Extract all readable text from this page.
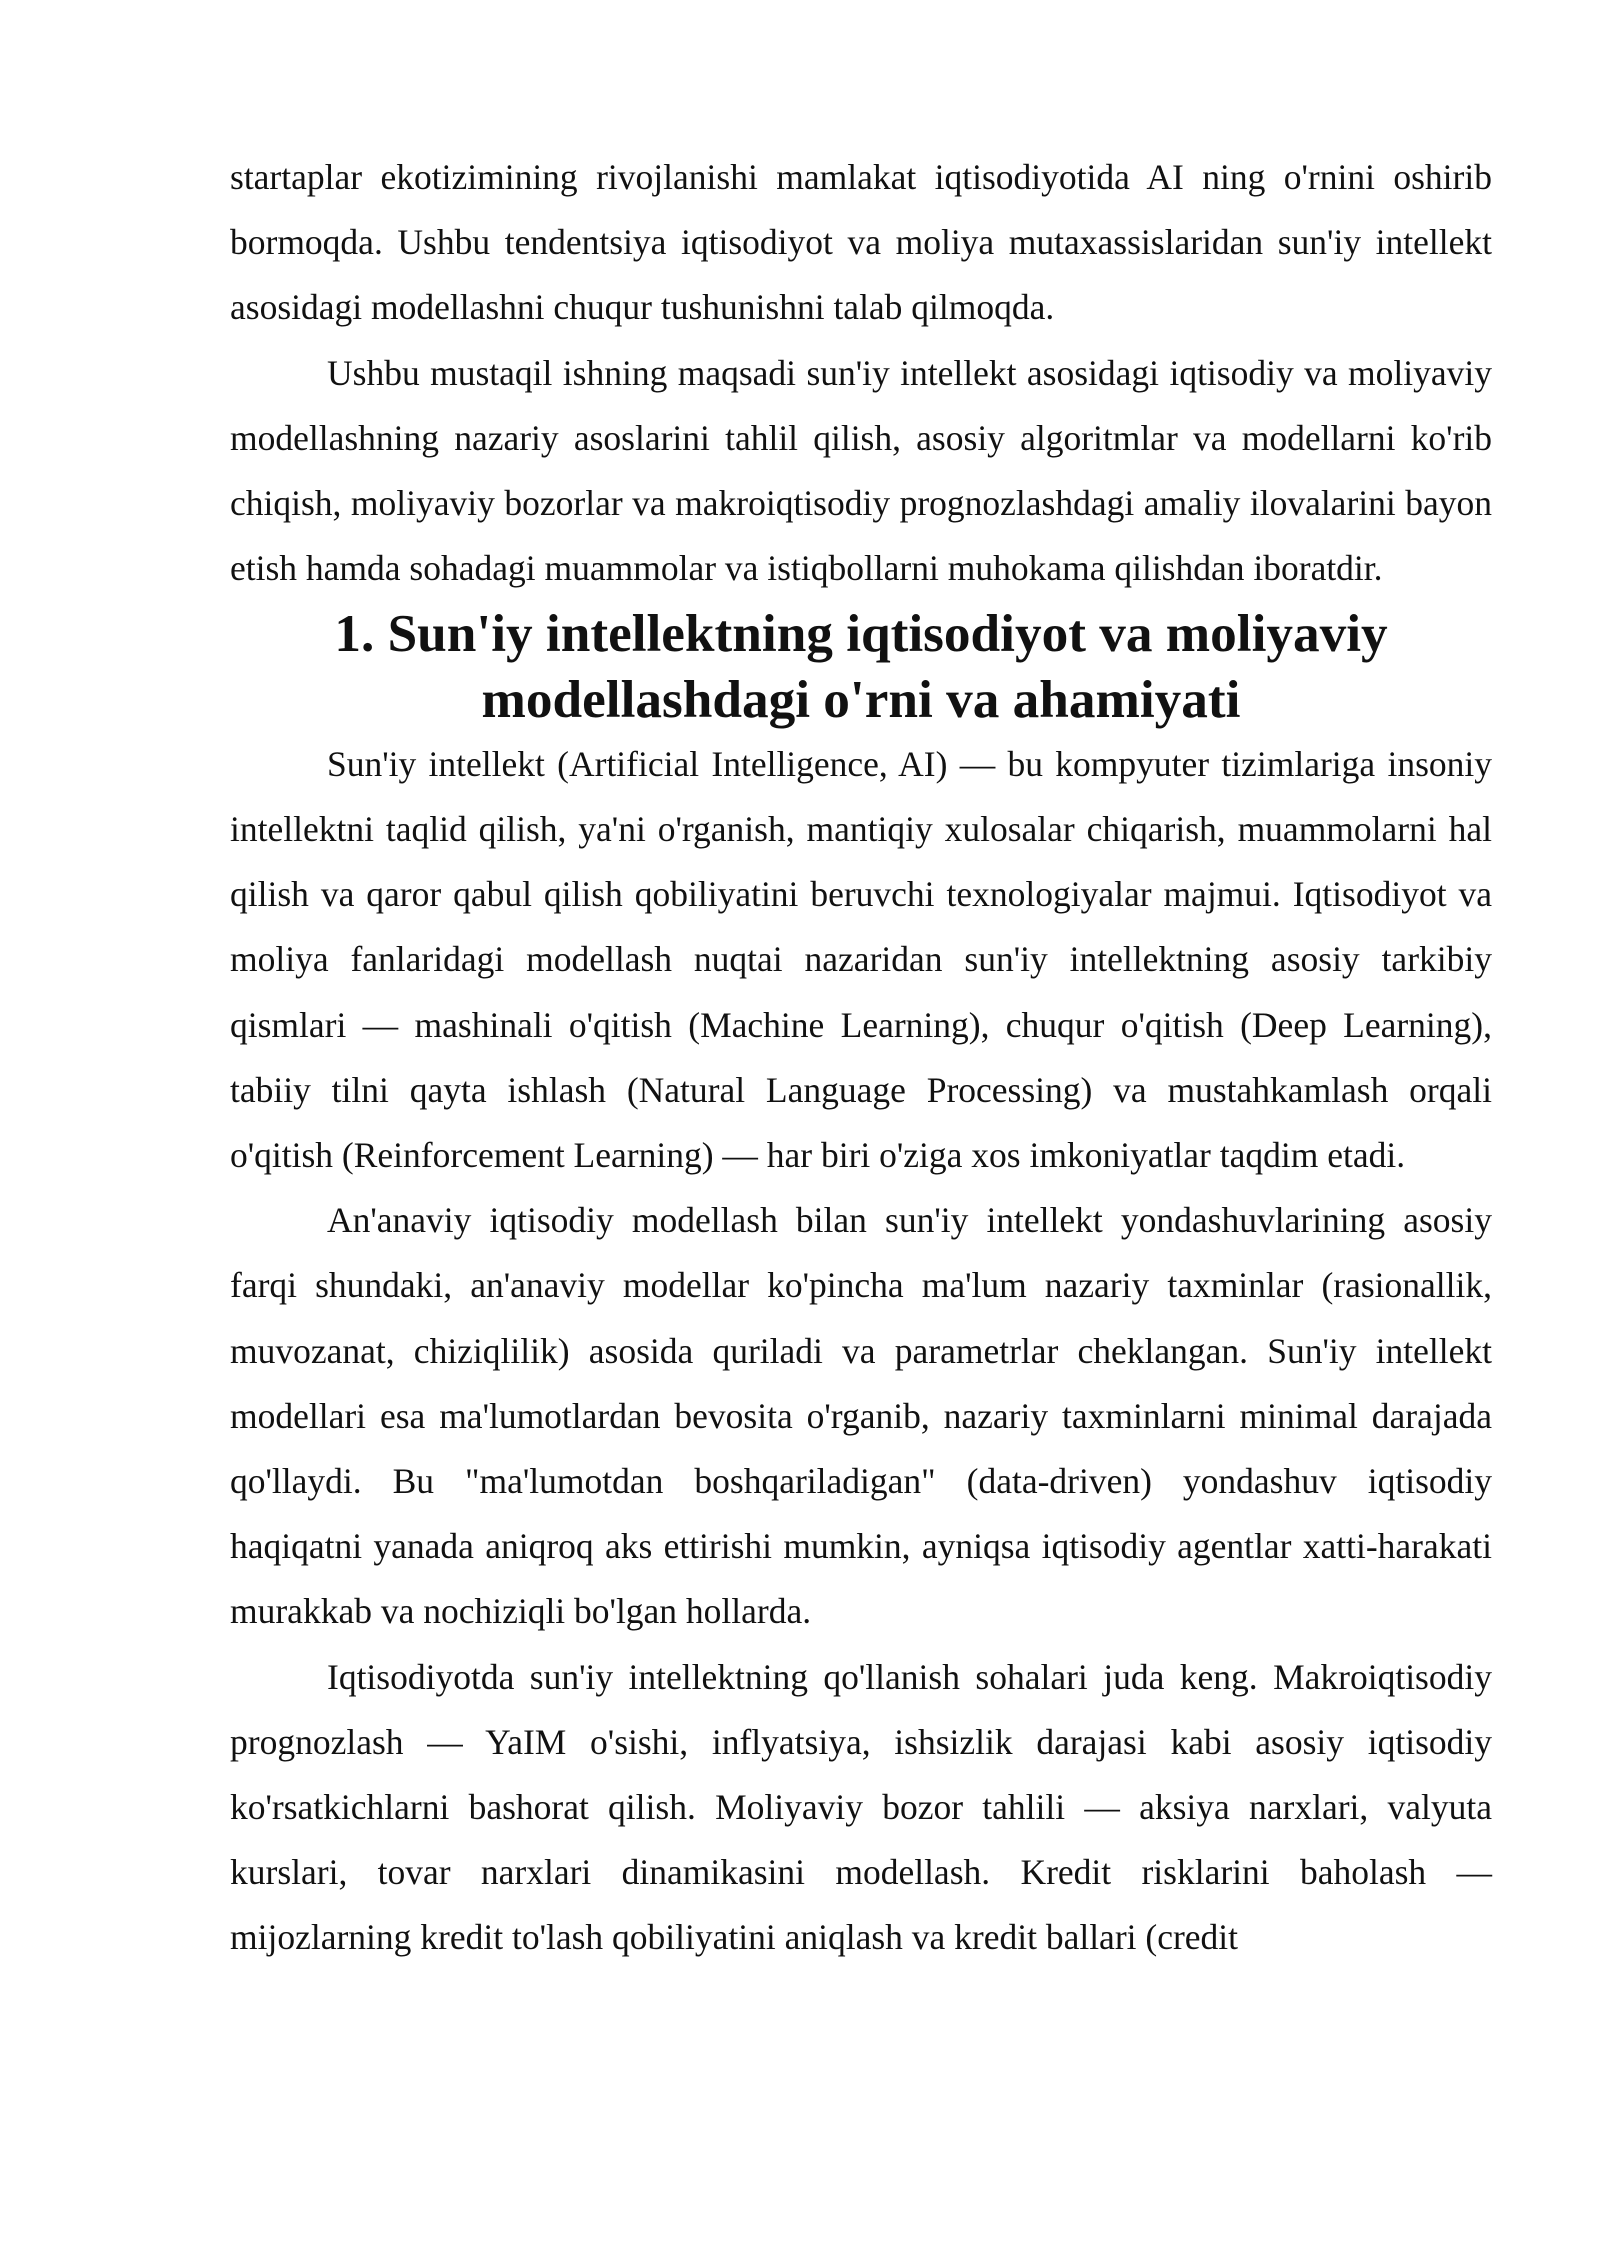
startaplar ekotizimining rivojlanishi mamlakat iqtisodiyotida AI ning o'rnini oshirib bormoqda. Ushbu tendentsiya iqtisodiyot va moliya mutaxassislaridan sun'iy intellekt asosidagi modellashni chuqur tushunishni talab qilmoqda.

Ushbu mustaqil ishning maqsadi sun'iy intellekt asosidagi iqtisodiy va moliyaviy modellashning nazariy asoslarini tahlil qilish, asosiy algoritmlar va modellarni ko'rib chiqish, moliyaviy bozorlar va makroiqtisodiy prognozlashdagi amaliy ilovalarini bayon etish hamda sohadagi muammolar va istiqbollarni muhokama qilishdan iboratdir.

1. Sun'iy intellektning iqtisodiyot va moliyaviy modellashdagi o'rni va ahamiyati

Sun'iy intellekt (Artificial Intelligence, AI) — bu kompyuter tizimlariga insoniy intellektni taqlid qilish, ya'ni o'rganish, mantiqiy xulosalar chiqarish, muammolarni hal qilish va qaror qabul qilish qobiliyatini beruvchi texnologiyalar majmui. Iqtisodiyot va moliya fanlaridagi modellash nuqtai nazaridan sun'iy intellektning asosiy tarkibiy qismlari — mashinali o'qitish (Machine Learning), chuqur o'qitish (Deep Learning), tabiiy tilni qayta ishlash (Natural Language Processing) va mustahkamlash orqali o'qitish (Reinforcement Learning) — har biri o'ziga xos imkoniyatlar taqdim etadi.

An'anaviy iqtisodiy modellash bilan sun'iy intellekt yondashuvlarining asosiy farqi shundaki, an'anaviy modellar ko'pincha ma'lum nazariy taxminlar (rasionallik, muvozanat, chiziqlilik) asosida quriladi va parametrlar cheklangan. Sun'iy intellekt modellari esa ma'lumotlardan bevosita o'rganib, nazariy taxminlarni minimal darajada qo'llaydi. Bu "ma'lumotdan boshqariladigan" (data-driven) yondashuv iqtisodiy haqiqatni yanada aniqroq aks ettirishi mumkin, ayniqsa iqtisodiy agentlar xatti-harakati murakkab va nochiziqli bo'lgan hollarda.

Iqtisodiyotda sun'iy intellektning qo'llanish sohalari juda keng. Makroiqtisodiy prognozlash — YaIM o'sishi, inflyatsiya, ishsizlik darajasi kabi asosiy iqtisodiy ko'rsatkichlarni bashorat qilish. Moliyaviy bozor tahlili — aksiya narxlari, valyuta kurslari, tovar narxlari dinamikasini modellash. Kredit risklarini baholash — mijozlarning kredit to'lash qobiliyatini aniqlash va kredit ballari (credit
